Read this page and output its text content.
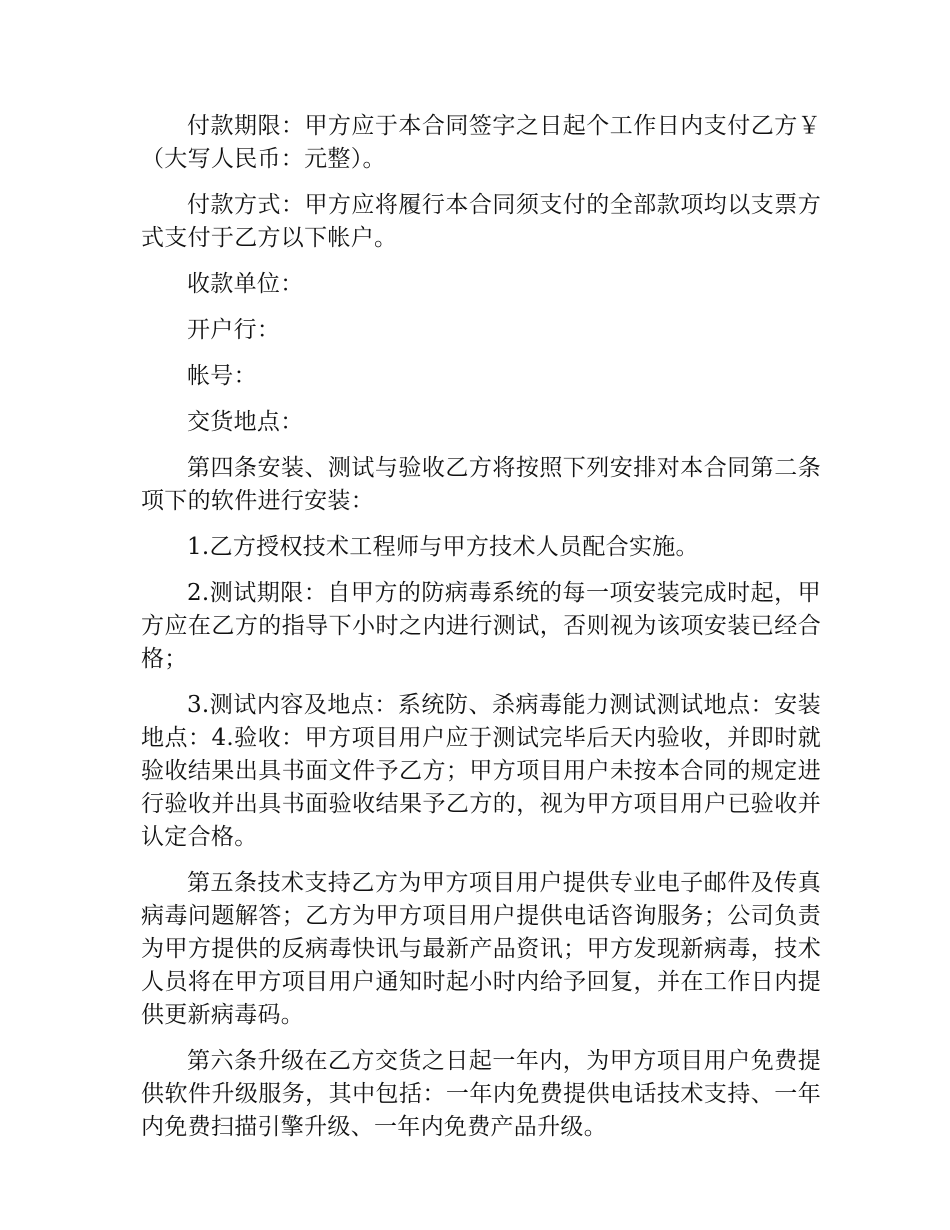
付款期限：甲方应于本合同签字之日起个工作日内支付乙方￥（大写人民币：元整）。

付款方式：甲方应将履行本合同须支付的全部款项均以支票方式支付于乙方以下帐户。

收款单位：

开户行：

帐号：

交货地点：

第四条安装、测试与验收乙方将按照下列安排对本合同第二条项下的软件进行安装：

1.乙方授权技术工程师与甲方技术人员配合实施。

2.测试期限：自甲方的防病毒系统的每一项安装完成时起，甲方应在乙方的指导下小时之内进行测试，否则视为该项安装已经合格；

3.测试内容及地点：系统防、杀病毒能力测试测试地点：安装地点：4.验收：甲方项目用户应于测试完毕后天内验收，并即时就验收结果出具书面文件予乙方；甲方项目用户未按本合同的规定进行验收并出具书面验收结果予乙方的，视为甲方项目用户已验收并认定合格。

第五条技术支持乙方为甲方项目用户提供专业电子邮件及传真病毒问题解答；乙方为甲方项目用户提供电话咨询服务；公司负责为甲方提供的反病毒快讯与最新产品资讯；甲方发现新病毒，技术人员将在甲方项目用户通知时起小时内给予回复，并在工作日内提供更新病毒码。

第六条升级在乙方交货之日起一年内，为甲方项目用户免费提供软件升级服务，其中包括：一年内免费提供电话技术支持、一年内免费扫描引擎升级、一年内免费产品升级。
